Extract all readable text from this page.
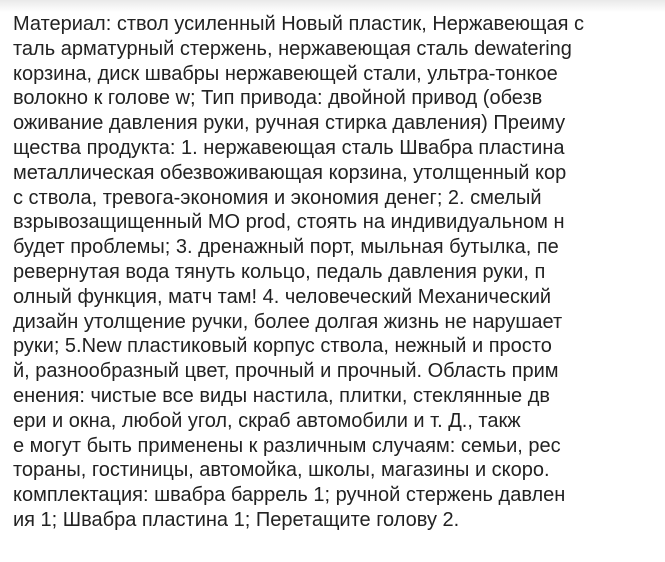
Материал: ствол усиленный Новый пластик, Нержавеющая с
таль арматурный стержень, нержавеющая сталь dewatering
корзина, диск швабры нержавеющей стали, ультра-тонкое
волокно к голове w; Тип привода: двойной привод (обезв
оживание давления руки, ручная стирка давления) Преиму
щества продукта: 1. нержавеющая сталь Швабра пластина
металлическая обезвоживающая корзина, утолщенный кор
с ствола, тревога-экономия и экономия денег; 2. смелый
взрывозащищенный MO prod, стоять на индивидуальном н
будет проблемы; 3. дренажный порт, мыльная бутылка, пе
ревернутая вода тянуть кольцо, педаль давления руки, п
олный функция, матч там! 4. человеческий Механический
дизайн утолщение ручки, более долгая жизнь не нарушает
руки; 5.New пластиковый корпус ствола, нежный и просто
й, разнообразный цвет, прочный и прочный. Область прим
енения: чистые все виды настила, плитки, стеклянные дв
ери и окна, любой угол, скраб автомобили и т. Д., такж
е могут быть применены к различным случаям: семьи, рес
тораны, гостиницы, автомойка, школы, магазины и скоро.
комплектация: швабра баррель 1; ручной стержень давлен
ия 1; Швабра пластина 1; Перетащите голову 2.
